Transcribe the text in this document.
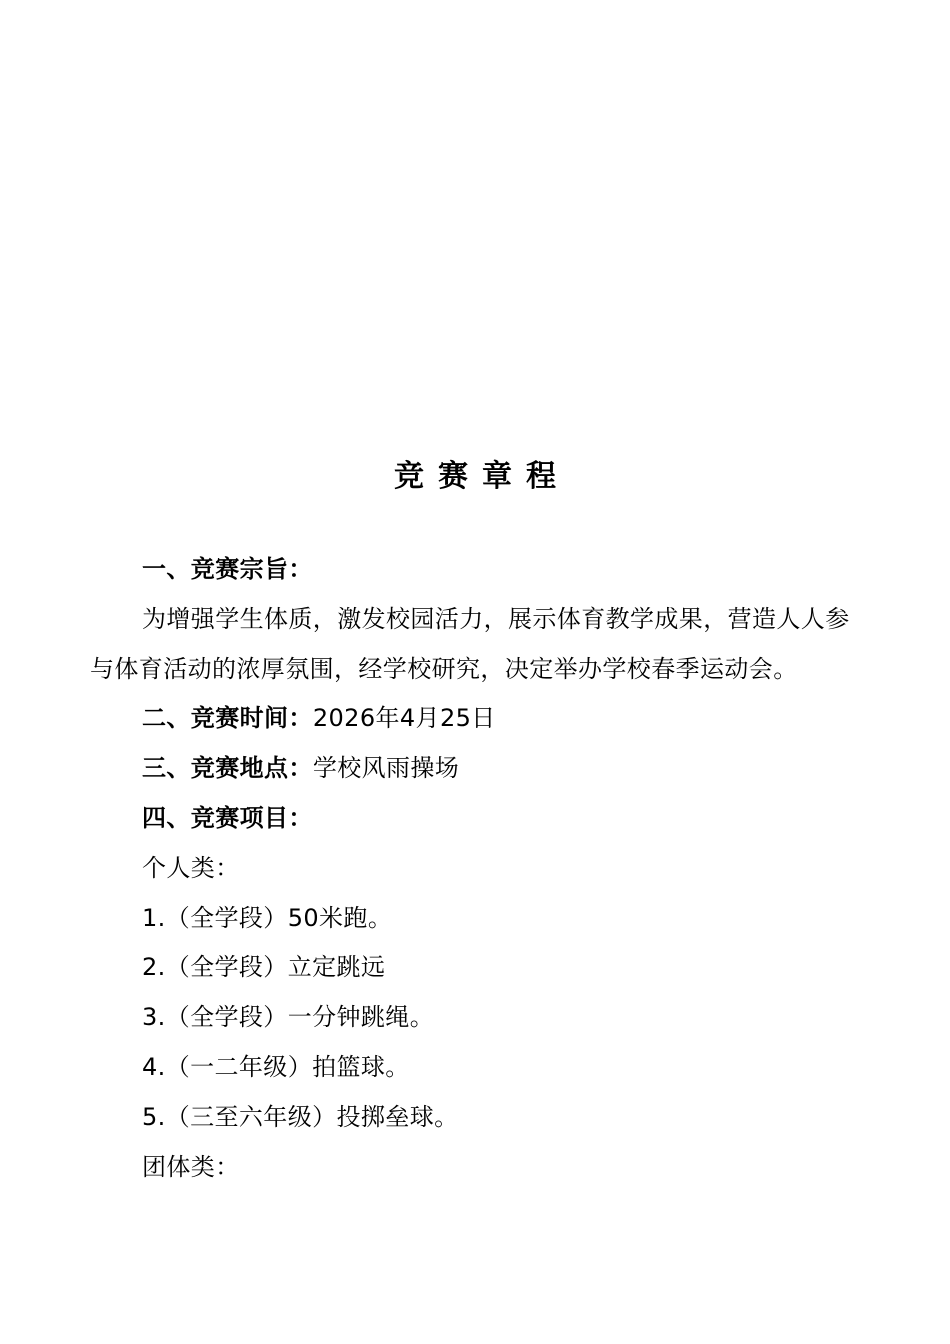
竞赛章程

一、竞赛宗旨：

为增强学生体质，激发校园活力，展示体育教学成果，营造人人参与体育活动的浓厚氛围，经学校研究，决定举办学校春季运动会。

二、竞赛时间：2026年4月25日

三、竞赛地点：学校风雨操场

四、竞赛项目：

个人类：

1.（全学段）50米跑。

2.（全学段）立定跳远

3.（全学段）一分钟跳绳。

4.（一二年级）拍篮球。

5.（三至六年级）投掷垒球。

团体类：
